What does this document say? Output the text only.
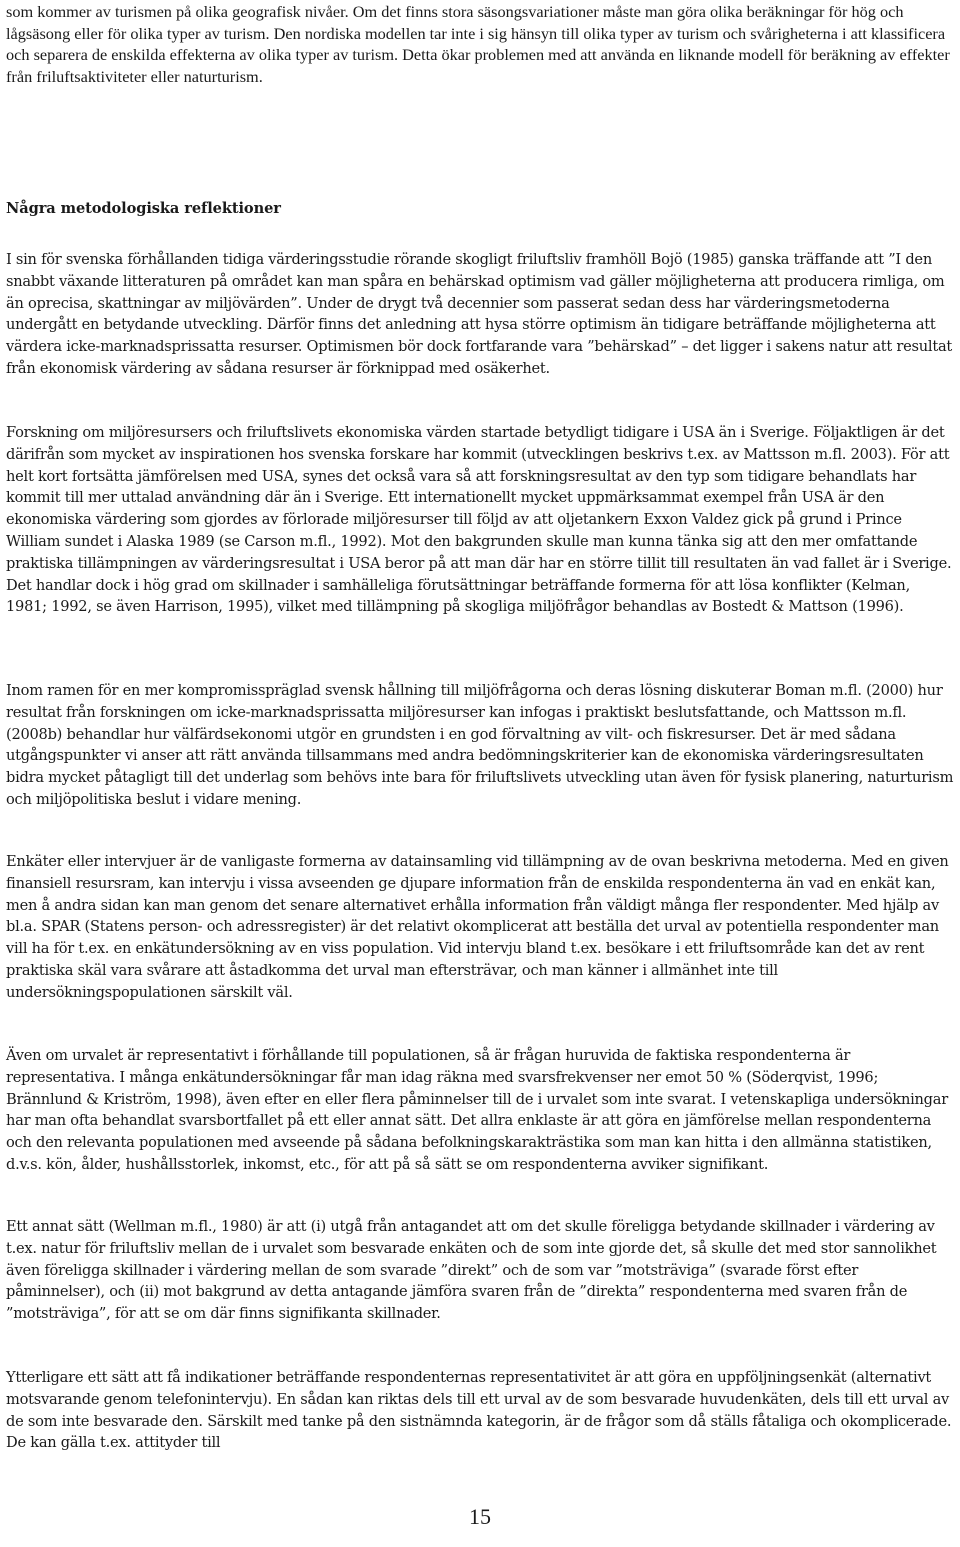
som kommer av turismen på olika geografisk nivåer. Om det finns stora säsongsvariationer måste man göra olika beräkningar för hög och lågsäsong eller för olika typer av turism. Den nordiska modellen tar inte i sig hänsyn till olika typer av turism och svårigheterna i att klassificera och separera de enskilda effekterna av olika typer av turism. Detta ökar problemen med att använda en liknande modell för beräkning av effekter från friluftsaktiviteter eller naturturism.

Några metodologiska reflektioner

I sin för svenska förhållanden tidiga värderingsstudie rörande skogligt friluftsliv framhöll Bojö (1985) ganska träffande att ”I den snabbt växande litteraturen på området kan man spåra en behärskad optimism vad gäller möjligheterna att producera rimliga, om än oprecisa, skattningar av miljövärden”. Under de drygt två decennier som passerat sedan dess har värderingsmetoderna undergått en betydande utveckling. Därför finns det anledning att hysa större optimism än tidigare beträffande möjligheterna att värdera icke-marknadsprissatta resurser. Optimismen bör dock fortfarande vara ”behärskad” – det ligger i sakens natur att resultat från ekonomisk värdering av sådana resurser är förknippad med osäkerhet.

Forskning om miljöresursers och friluftslivets ekonomiska värden startade betydligt tidigare i USA än i Sverige. Följaktligen är det därifrån som mycket av inspirationen hos svenska forskare har kommit (utvecklingen beskrivs t.ex. av Mattsson m.fl. 2003). För att helt kort fortsätta jämförelsen med USA, synes det också vara så att forskningsresultat av den typ som tidigare behandlats har kommit till mer uttalad användning där än i Sverige. Ett internationellt mycket uppmärksammat exempel från USA är den ekonomiska värdering som gjordes av förlorade miljöresurser till följd av att oljetankern Exxon Valdez gick på grund i Prince William sundet i Alaska 1989 (se Carson m.fl., 1992). Mot den bakgrunden skulle man kunna tänka sig att den mer omfattande praktiska tillämpningen av värderingsresultat i USA beror på att man där har en större tillit till resultaten än vad fallet är i Sverige. Det handlar dock i hög grad om skillnader i samhälleliga förutsättningar beträffande formerna för att lösa konflikter (Kelman, 1981; 1992, se även Harrison, 1995), vilket med tillämpning på skogliga miljöfrågor behandlas av Bostedt & Mattson (1996).

Inom ramen för en mer kompromisspräglad svensk hållning till miljöfrågorna och deras lösning diskuterar Boman m.fl. (2000) hur resultat från forskningen om icke-marknadsprissatta miljöresurser kan infogas i praktiskt beslutsfattande, och Mattsson m.fl. (2008b) behandlar hur välfärdsekonomi utgör en grundsten i en god förvaltning av vilt- och fiskresurser. Det är med sådana utgångspunkter vi anser att rätt använda tillsammans med andra bedömningskriterier kan de ekonomiska värderingsresultaten bidra mycket påtagligt till det underlag som behövs inte bara för friluftslivets utveckling utan även för fysisk planering, naturturism och miljöpolitiska beslut i vidare mening.

Enkäter eller intervjuer är de vanligaste formerna av datainsamling vid tillämpning av de ovan beskrivna metoderna. Med en given finansiell resursram, kan intervju i vissa avseenden ge djupare information från de enskilda respondenterna än vad en enkät kan, men å andra sidan kan man genom det senare alternativet erhålla information från väldigt många fler respondenter. Med hjälp av bl.a. SPAR (Statens person- och adressregister) är det relativt okomplicerat att beställa det urval av potentiella respondenter man vill ha för t.ex. en enkätundersökning av en viss population. Vid intervju bland t.ex. besökare i ett friluftsområde kan det av rent praktiska skäl vara svårare att åstadkomma det urval man eftersträvar, och man känner i allmänhet inte till undersökningspopulationen särskilt väl.

Även om urvalet är representativt i förhållande till populationen, så är frågan huruvida de faktiska respondenterna är representativa. I många enkätundersökningar får man idag räkna med svarsfrekvenser ner emot 50 % (Söderqvist, 1996; Brännlund & Kriström, 1998), även efter en eller flera påminnelser till de i urvalet som inte svarat. I vetenskapliga undersökningar har man ofta behandlat svarsbortfallet på ett eller annat sätt. Det allra enklaste är att göra en jämförelse mellan respondenterna och den relevanta populationen med avseende på sådana befolkningskarakträstika som man kan hitta i den allmänna statistiken, d.v.s. kön, ålder, hushållsstorlek, inkomst, etc., för att på så sätt se om respondenterna avviker signifikant.

Ett annat sätt (Wellman m.fl., 1980) är att (i) utgå från antagandet att om det skulle föreligga betydande skillnader i värdering av t.ex. natur för friluftsliv mellan de i urvalet som besvarade enkäten och de som inte gjorde det, så skulle det med stor sannolikhet även föreligga skillnader i värdering mellan de som svarade ”direkt” och de som var ”motsträviga” (svarade först efter påminnelser), och (ii) mot bakgrund av detta antagande jämföra svaren från de ”direkta” respondenterna med svaren från de ”motsträviga”, för att se om där finns signifikanta skillnader.

Ytterligare ett sätt att få indikationer beträffande respondenternas representativitet är att göra en uppföljningsenkät (alternativt motsvarande genom telefonintervju). En sådan kan riktas dels till ett urval av de som besvarade huvudenkäten, dels till ett urval av de som inte besvarade den. Särskilt med tanke på den sistnämnda kategorin, är de frågor som då ställs fåtaliga och okomplicerade. De kan gälla t.ex. attityder till

15
